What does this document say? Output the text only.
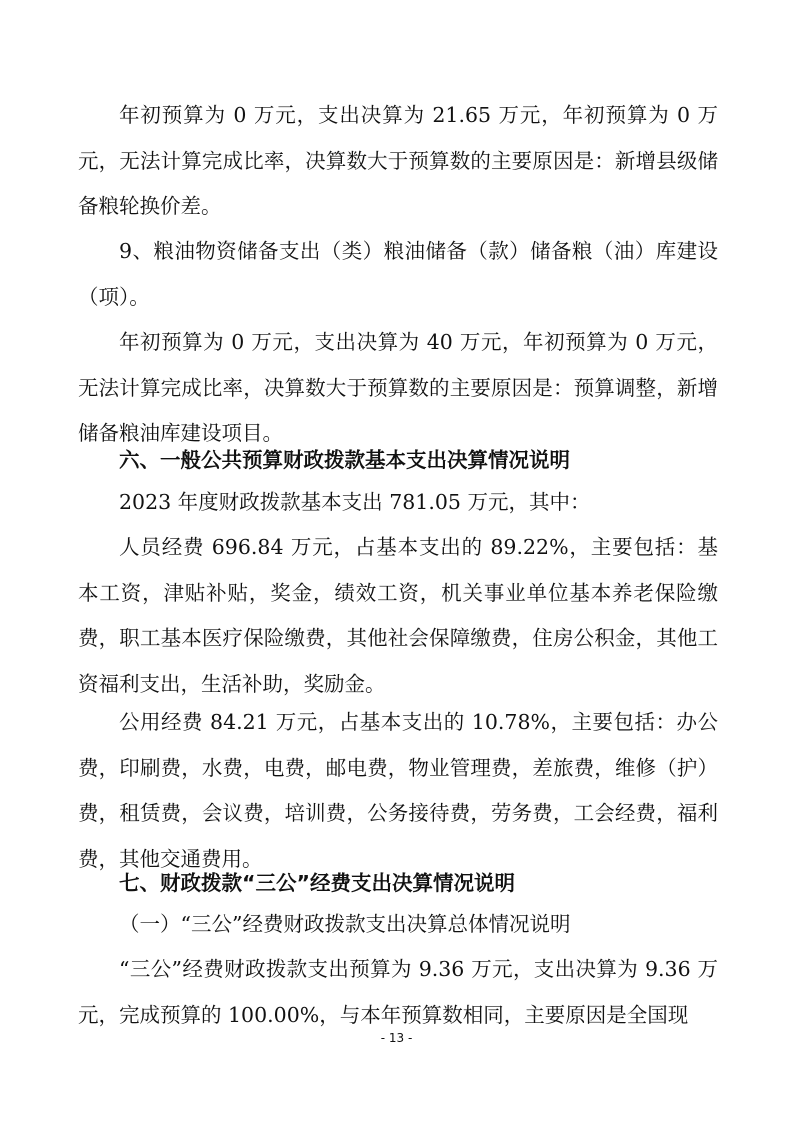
年初预算为 0 万元，支出决算为 21.65 万元，年初预算为 0 万元，无法计算完成比率，决算数大于预算数的主要原因是：新增县级储备粮轮换价差。

9、粮油物资储备支出（类）粮油储备（款）储备粮（油）库建设（项）。

年初预算为 0 万元，支出决算为 40 万元，年初预算为 0 万元，无法计算完成比率，决算数大于预算数的主要原因是：预算调整，新增储备粮油库建设项目。

六、一般公共预算财政拨款基本支出决算情况说明

2023 年度财政拨款基本支出 781.05 万元，其中：

人员经费 696.84 万元，占基本支出的 89.22%，主要包括：基本工资，津贴补贴，奖金，绩效工资，机关事业单位基本养老保险缴费，职工基本医疗保险缴费，其他社会保障缴费，住房公积金，其他工资福利支出，生活补助，奖励金。

公用经费 84.21 万元，占基本支出的 10.78%，主要包括：办公费，印刷费，水费，电费，邮电费，物业管理费，差旅费，维修（护）费，租赁费，会议费，培训费，公务接待费，劳务费，工会经费，福利费，其他交通费用。

七、财政拨款“三公”经费支出决算情况说明

（一）“三公”经费财政拨款支出决算总体情况说明

“三公”经费财政拨款支出预算为 9.36 万元，支出决算为 9.36 万元，完成预算的 100.00%，与本年预算数相同，主要原因是全国现

- 13 -
